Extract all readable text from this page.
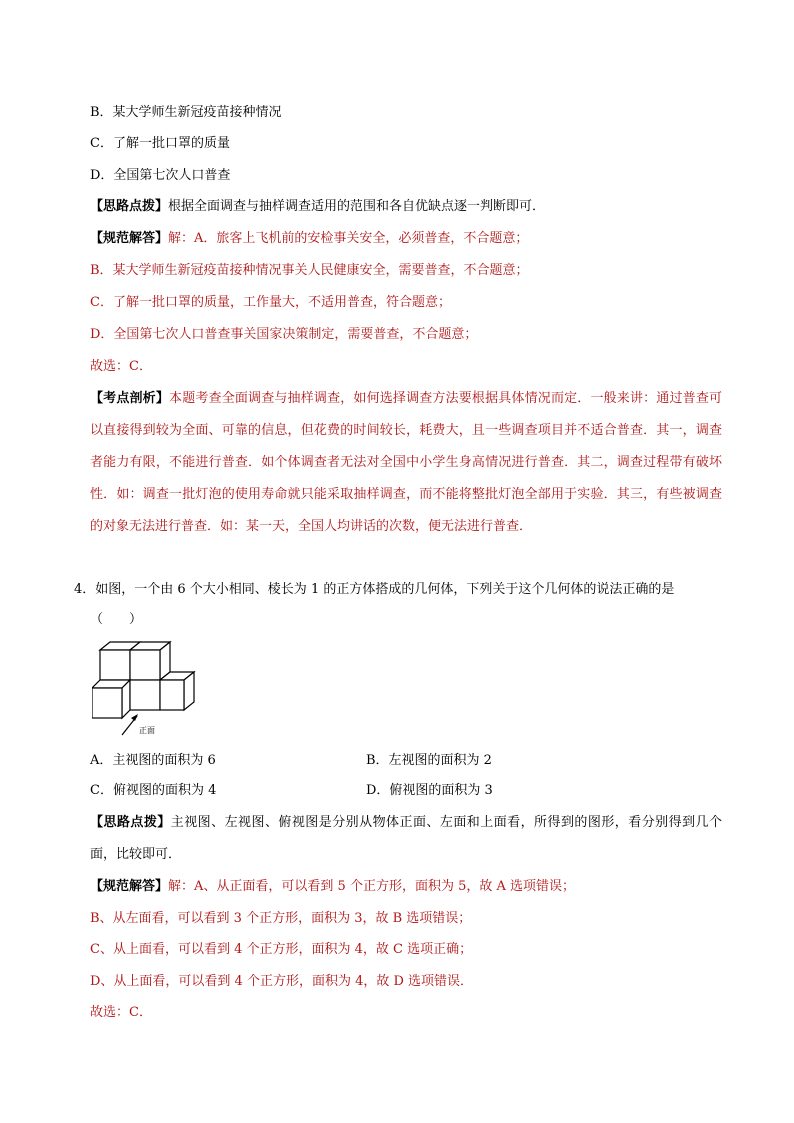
B．某大学师生新冠疫苗接种情况
C．了解一批口罩的质量
D．全国第七次人口普查
【思路点拨】根据全面调查与抽样调查适用的范围和各自优缺点逐一判断即可．
【规范解答】解：A．旅客上飞机前的安检事关安全，必须普查，不合题意；
B．某大学师生新冠疫苗接种情况事关人民健康安全，需要普查，不合题意；
C．了解一批口罩的质量，工作量大，不适用普查，符合题意；
D．全国第七次人口普查事关国家决策制定，需要普查，不合题意；
故选：C．
【考点剖析】本题考查全面调查与抽样调查，如何选择调查方法要根据具体情况而定．一般来讲：通过普查可以直接得到较为全面、可靠的信息，但花费的时间较长，耗费大，且一些调查项目并不适合普查．其一，调查者能力有限，不能进行普查．如个体调查者无法对全国中小学生身高情况进行普查．其二，调查过程带有破坏性．如：调查一批灯泡的使用寿命就只能采取抽样调查，而不能将整批灯泡全部用于实验．其三，有些被调查的对象无法进行普查．如：某一天，全国人均讲话的次数，便无法进行普查．
4．如图，一个由 6 个大小相同、棱长为 1 的正方体搭成的几何体，下列关于这个几何体的说法正确的是
（　　）
正面
A．主视图的面积为 6	B．左视图的面积为 2
C．俯视图的面积为 4	D．俯视图的面积为 3
【思路点拨】主视图、左视图、俯视图是分别从物体正面、左面和上面看，所得到的图形，看分别得到几个面，比较即可．
【规范解答】解：A、从正面看，可以看到 5 个正方形，面积为 5，故 A 选项错误；
B、从左面看，可以看到 3 个正方形，面积为 3，故 B 选项错误；
C、从上面看，可以看到 4 个正方形，面积为 4，故 C 选项正确；
D、从上面看，可以看到 4 个正方形，面积为 4，故 D 选项错误．
故选：C．
